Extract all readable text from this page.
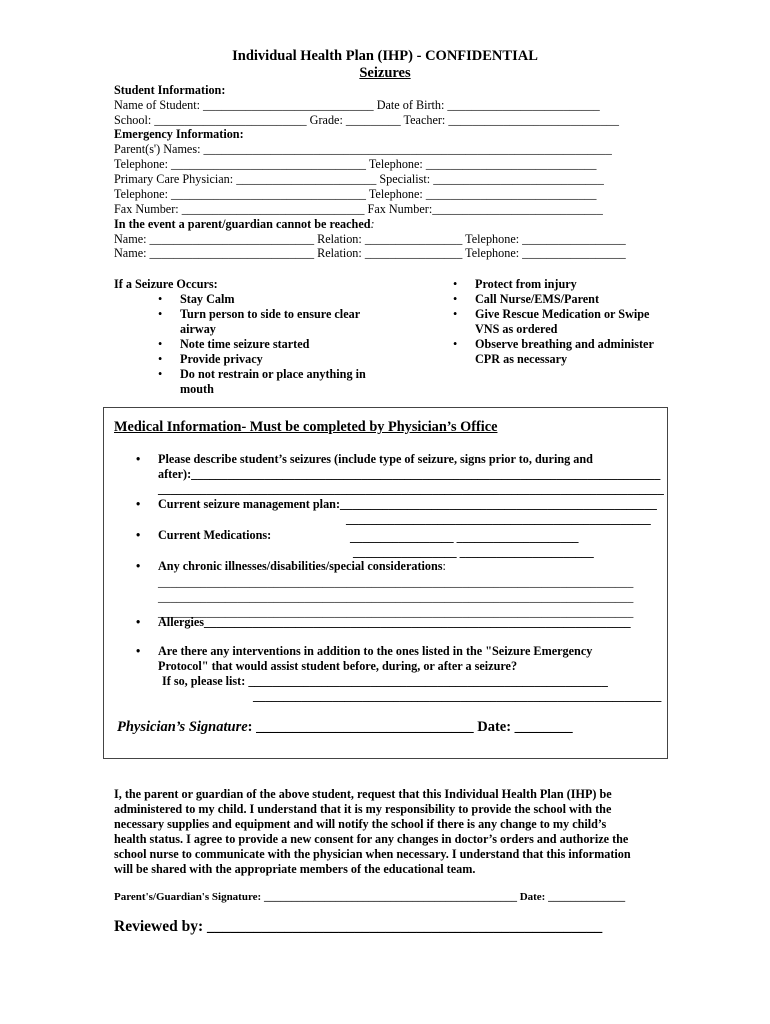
Individual Health Plan (IHP) - CONFIDENTIAL
Seizures
Student Information:
Name of Student: ____________________________ Date of Birth: _________________________
School: _________________________ Grade: _________ Teacher: ____________________________
Emergency Information:
Parent(s') Names: ___________________________________________________________________
Telephone: ________________________________ Telephone: ____________________________
Primary Care Physician: _______________________ Specialist: ____________________________
Telephone: ________________________________ Telephone: ____________________________
Fax Number: ______________________________ Fax Number:____________________________
In the event a parent/guardian cannot be reached:
Name: ___________________________ Relation: ________________ Telephone: _________________
Name: ___________________________ Relation: ________________ Telephone: _________________
If a Seizure Occurs:
• Stay Calm
• Turn person to side to ensure clear airway
• Note time seizure started
• Provide privacy
• Do not restrain or place anything in mouth
• Protect from injury
• Call Nurse/EMS/Parent
• Give Rescue Medication or Swipe VNS as ordered
• Observe breathing and administer CPR as necessary
Medical Information- Must be completed by Physician’s Office
• Please describe student’s seizures (include type of seizure, signs prior to, during and
after):_____________________________________________________________________________
___________________________________________________________________________________
• Current seizure management plan:____________________________________________________
__________________________________________________
• Current Medications:	_________________ ____________________
_________________ ______________________
• Any chronic illnesses/disabilities/special considerations:
______________________________________________________________________________
______________________________________________________________________________
______________________________________________________________________________
• Allergies______________________________________________________________________
• Are there any interventions in addition to the ones listed in the "Seizure Emergency
Protocol" that would assist student before, during, or after a seizure?
If so, please list: ___________________________________________________________
___________________________________________________________________
Physician’s Signature: ______________________________ Date: ________
I, the parent or guardian of the above student, request that this Individual Health Plan (IHP) be
administered to my child. I understand that it is my responsibility to provide the school with the
necessary supplies and equipment and will notify the school if there is any change to my child’s
health status. I agree to provide a new consent for any changes in doctor’s orders and authorize the
school nurse to communicate with the physician when necessary. I understand that this information
will be shared with the appropriate members of the educational team.
Parent's/Guardian's Signature: ______________________________________________ Date: ______________
Reviewed by: ___________________________________________________
